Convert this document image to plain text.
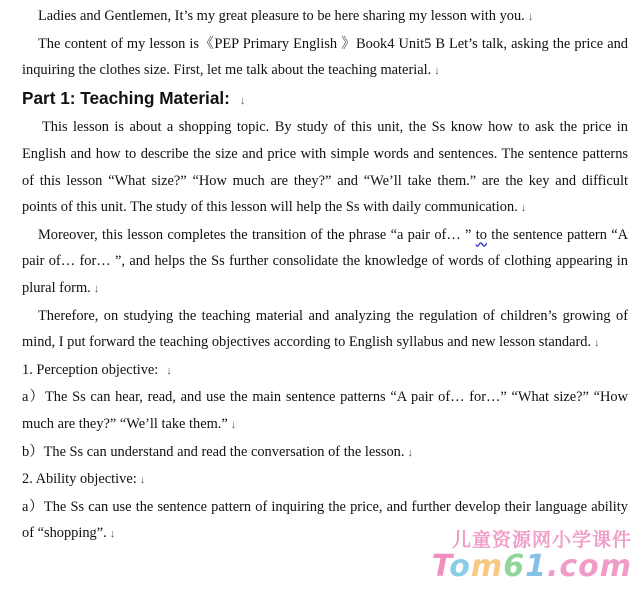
Ladies and Gentlemen, It’s my great pleasure to be here sharing my lesson with you. ↓

The content of my lesson is《PEP Primary English 》Book4 Unit5 B Let’s talk, asking the price and inquiring the clothes size. First, let me talk about the teaching material. ↓

Part 1: Teaching Material: ↓

This lesson is about a shopping topic. By study of this unit, the Ss know how to ask the price in English and how to describe the size and price with simple words and sentences. The sentence patterns of this lesson “What size?” “How much are they?” and “We’ll take them.” are the key and difficult points of this unit. The study of this lesson will help the Ss with daily communication. ↓

Moreover, this lesson completes the transition of the phrase “a pair of… ” to the sentence pattern “A pair of… for… ”, and helps the Ss further consolidate the knowledge of words of clothing appearing in plural form. ↓

Therefore, on studying the teaching material and analyzing the regulation of children’s growing of mind, I put forward the teaching objectives according to English syllabus and new lesson standard. ↓

1. Perception objective: ↓

a）The Ss can hear, read, and use the main sentence patterns “A pair of… for…” “What size?” “How much are they?” “We’ll take them.” ↓

b）The Ss can understand and read the conversation of the lesson. ↓

2. Ability objective: ↓

a）The Ss can use the sentence pattern of inquiring the price, and further develop their language ability of “shopping”. ↓	儿童资源网小学课件
Tom61.com
